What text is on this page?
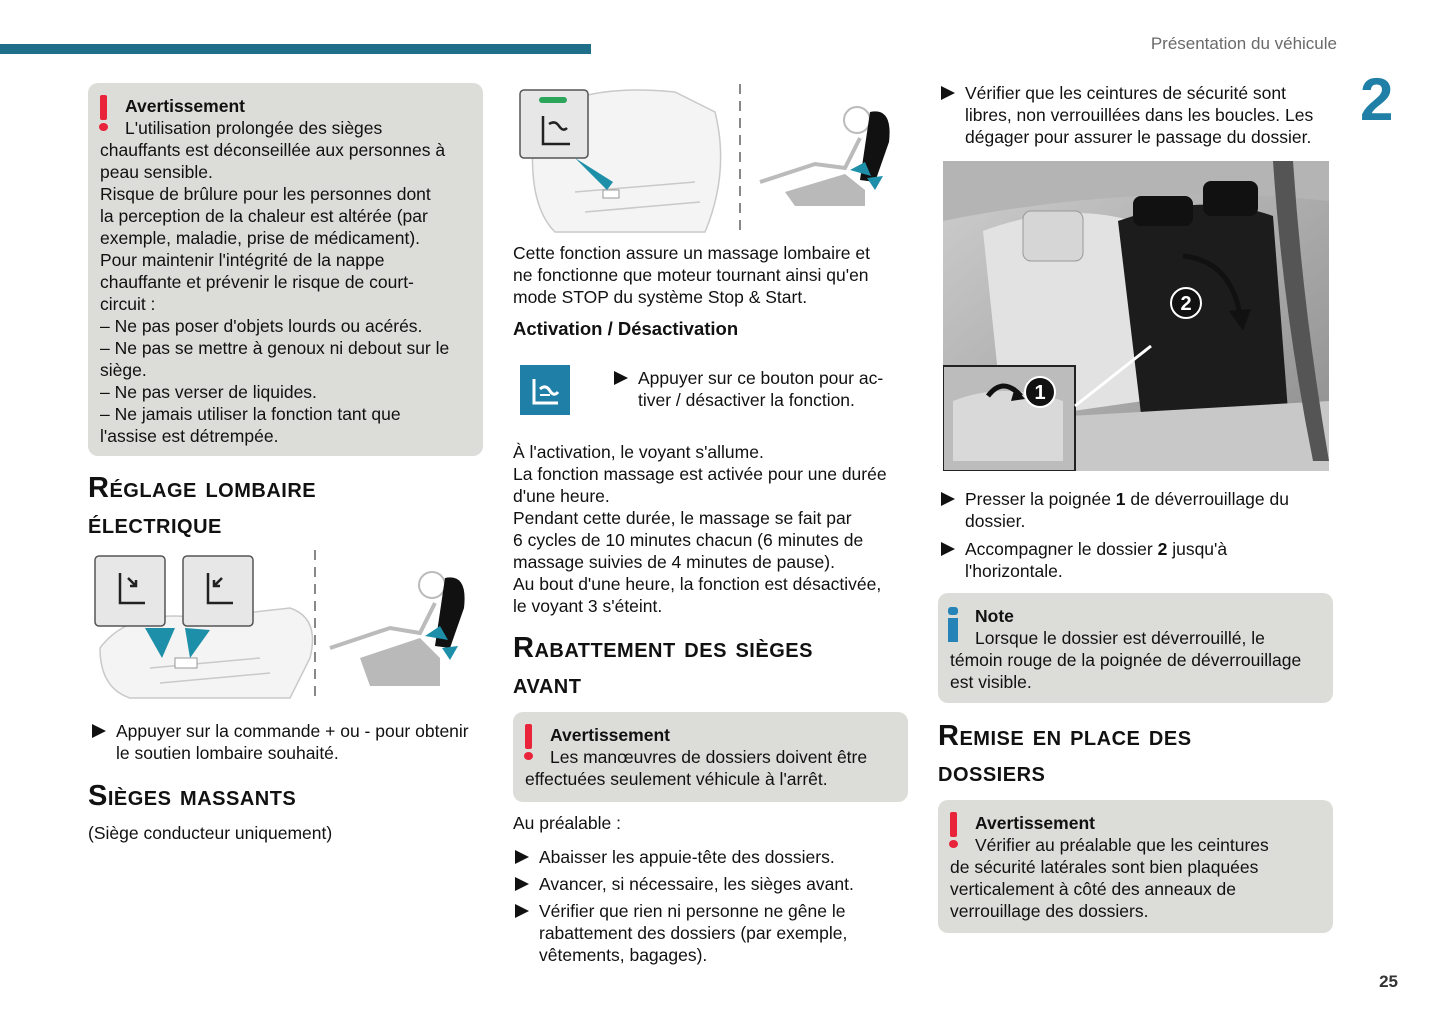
Présentation du véhicule
2
25
Avertissement
L'utilisation prolongée des sièges
chauffants est déconseillée aux personnes à
peau sensible.
Risque de brûlure pour les personnes dont
la perception de la chaleur est altérée (par
exemple, maladie, prise de médicament).
Pour maintenir l'intégrité de la nappe
chauffante et prévenir le risque de court-
circuit :
– Ne pas poser d'objets lourds ou acérés.
– Ne pas se mettre à genoux ni debout sur le
siège.
– Ne pas verser de liquides.
– Ne jamais utiliser la fonction tant que
l'assise est détrempée.
Réglage lombaire
électrique
Appuyer sur la commande + ou - pour obtenir
le soutien lombaire souhaité.
Sièges massants
(Siège conducteur uniquement)
Cette fonction assure un massage lombaire et
ne fonctionne que moteur tournant ainsi qu'en
mode STOP du système Stop & Start.
Activation / Désactivation
Appuyer sur ce bouton pour ac-
tiver / désactiver la fonction.
À l'activation, le voyant s'allume.
La fonction massage est activée pour une durée
d'une heure.
Pendant cette durée, le massage se fait par
6 cycles de 10 minutes chacun (6 minutes de
massage suivies de 4 minutes de pause).
Au bout d'une heure, la fonction est désactivée,
le voyant 3 s'éteint.
Rabattement des sièges
avant
Avertissement
Les manœuvres de dossiers doivent être
effectuées seulement véhicule à l'arrêt.
Au préalable :
Abaisser les appuie-tête des dossiers.
Avancer, si nécessaire, les sièges avant.
Vérifier que rien ni personne ne gêne le
rabattement des dossiers (par exemple,
vêtements, bagages).
Vérifier que les ceintures de sécurité sont
libres, non verrouillées dans les boucles. Les
dégager pour assurer le passage du dossier.
1
2
Presser la poignée 1 de déverrouillage du
dossier.
Accompagner le dossier 2 jusqu'à
l'horizontale.
Note
Lorsque le dossier est déverrouillé, le
témoin rouge de la poignée de déverrouillage
est visible.
Remise en place des
dossiers
Avertissement
Vérifier au préalable que les ceintures
de sécurité latérales sont bien plaquées
verticalement à côté des anneaux de
verrouillage des dossiers.
